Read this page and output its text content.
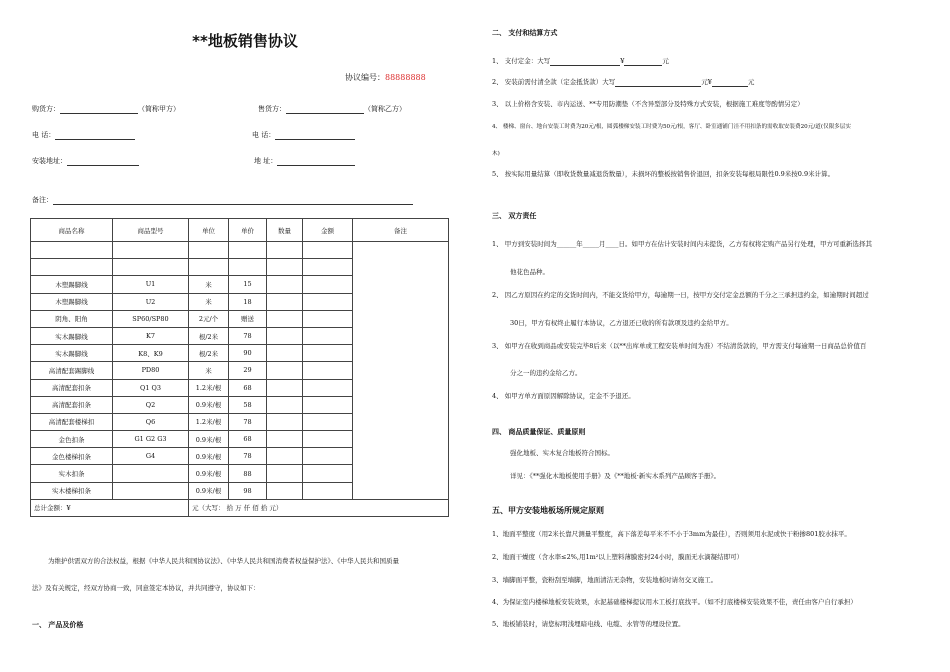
**地板销售协议
协议编号：88888888
购货方：	（简称甲方）	售货方：	（简称乙方）
电 话：	电 话：
安装地址：	地 址：
备注：
商品名称	商品型号	单位	单价	数量	金额	备注

木塑踢脚线	U1	米	15			
木塑踢脚线	U2	米	18			
阴角、阳角	SP60/SP80	2元/个	赠送			
实木踢脚线	K7	根/2米	78			
实木踢脚线	K8、K9	根/2米	90			
高清配套踢脚线	PD80	米	29			
高清配套扣条	Q1 Q3	1.2米/根	68			
高清配套扣条	Q2	0.9米/根	58			
高清配套楼梯扣	Q6	1.2米/根	78			
金色扣条	G1 G2 G3	0.9米/根	68			
金色楼梯扣条	G4	0.9米/根	78			
实木扣条		0.9米/根	88			
实木楼梯扣条		0.9米/根	98			
总计金额：¥		元（大写： 拾 万 仟 佰 拾 元）				
为维护供需双方的合法权益，根据《中华人民共和国协议法》、《中华人民共和国消费者权益保护法》、《中华人民共和国质量
法》及有关规定，经双方协商一致，同意签定本协议，并共同遵守，协议如下：
一、 产品及价格
二、 支付和结算方式
1、 支付定金：大写	¥	元
2、 安装前需付清全款（定金抵货款）大写	元¥	元
3、 以上价格含安装、市内运送、**专用防潮垫（不含异型部分及特殊方式安装，根据施工难度等酌情另定）
4、 楼梯、窗台、地台安装工时费为20元/根，圆弧楼梯安装工时费为50元/根，客厅、卧室通铺门洼不用扣条的需收取安装费20元/道(仅限多层实
木)
5、 按实际用量结算（即收货数量减退货数量），未损坏的整板按销售价退回，扣条安装每根局限性0.9米按0.9米计算。
三、 双方责任
1、 甲方到安装时间为______年_____月____日。如甲方在估计安装时间内未提货，乙方有权将定购产品另行处理，甲方可重新选择其
他花色品种。
2、 因乙方原因在约定的交货时间内，不能交货给甲方，每逾期一日，按甲方交付定金总额的千分之三承担违约金，如逾期时间超过
30日，甲方有权终止履行本协议，乙方退还已收的所有款项及违约金给甲方。
3、 如甲方在收到商品或安装完毕8后来（以**出库单或工程安装单时间为准）不结清货款的，甲方需支付每逾期一日商品总价值百
分之一的违约金给乙方。
4、 如甲方单方面原因解除协议，定金不予退还。
四、 商品质量保证、质量原则
强化地板、实木复合地板符合国标。
详见：《**强化木地板使用手册》及《**地板·新实木系列产品顾客手册》。
五、甲方安装地板场所规定原则
1、地面平整度（用2米长靠尺测量平整度，高下落差每平米不不小于3mm为最佳），否则须用水泥或快干粉掺801胶水抹平。
2、地面干燥度（含水率≤2%,用1m²以上塑料薄膜密封24小时，膜面无水滴凝结即可）
3、墙脚面平整，瓷粉刮至墙脚，地面清洁无杂物，安装地板时请勿交叉施工。
4、为保证室内楼梯地板安装效果，水泥基础楼梯提议用木工板打底找平。（如不打底楼梯安装效果不佳，责任由客户自行承担）
5、地板铺装时，请您标明浅埋暗电线、电缆、水管等的埋设位置。
